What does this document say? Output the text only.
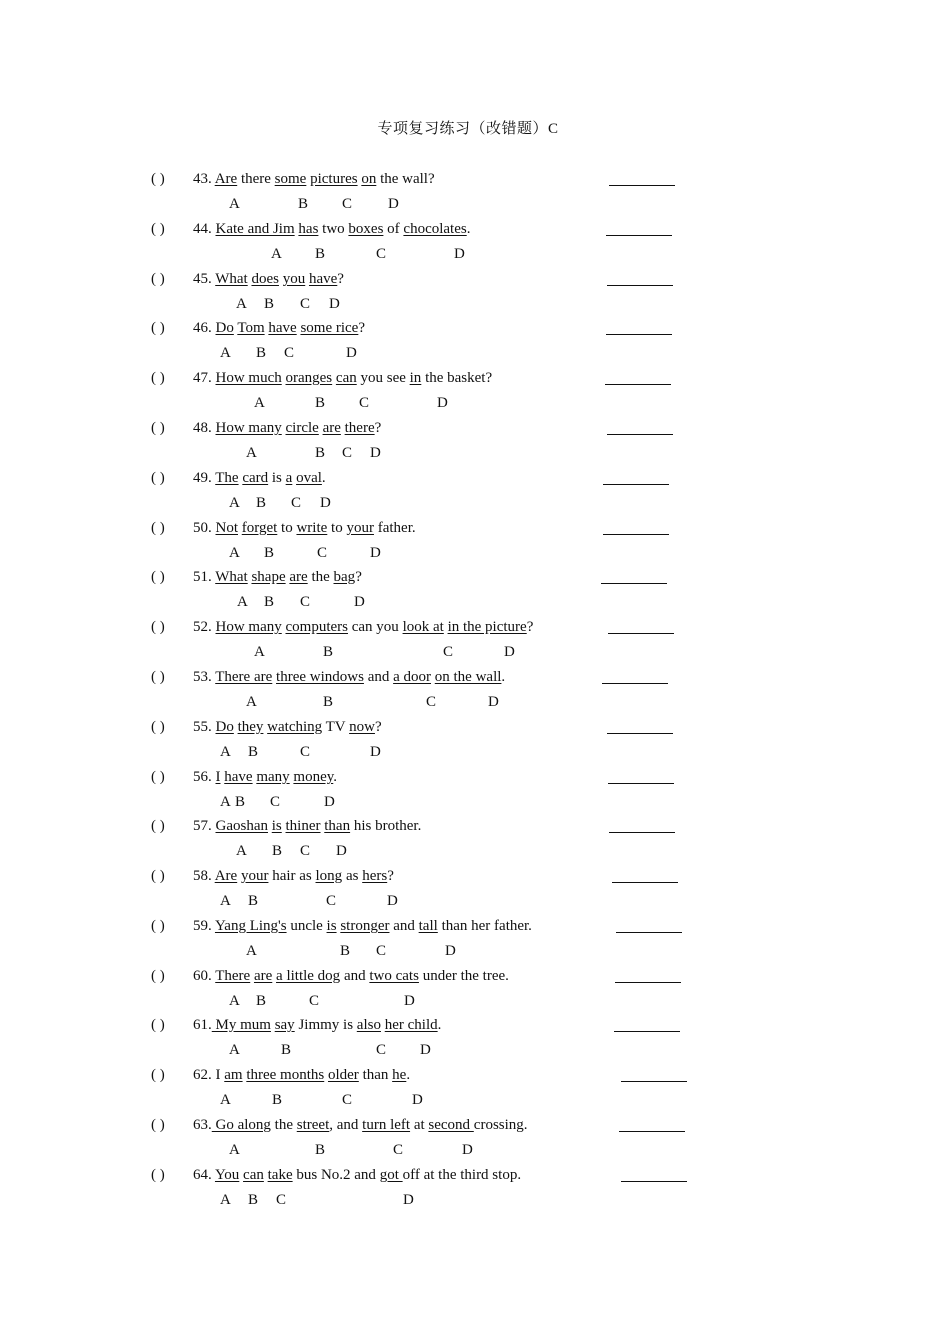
专项复习练习（改错题）C
( ) 43. Are there some pictures on the wall?
A	B C D
( ) 44. Kate and Jim has two boxes of chocolates.
A B	C	D
( ) 45. What does you have?
A B C D
( ) 46. Do Tom have some rice?
A B C	D
( ) 47. How much oranges can you see in the basket?
A	B C	D
( ) 48. How many circle are there?
A	B C D
( ) 49. The card is a oval.
A B C D
( ) 50. Not forget to write to your father.
A B	C	D
( ) 51. What shape are the bag?
A B C	D
( ) 52. How many computers can you look at in the picture?
A	B	C	D
( ) 53. There are three windows and a door on the wall.
A	B	C	D
( ) 55. Do they watching TV now?
A B	C	D
( ) 56. I have many money.
A B C	D
( ) 57. Gaoshan is thiner than his brother.
A B C D
( ) 58. Are your hair as long as hers?
A B	C	D
( ) 59. Yang Ling's uncle is stronger and tall than her father.
A	B C	D
( ) 60. There are a little dog and two cats under the tree.
A B	C	D
( ) 61. My mum say Jimmy is also her child.
A	B	C D
( ) 62. I am three months older than he.
A	B	C	D
( ) 63. Go along the street, and turn left at second crossing.
A	B	C	D
( ) 64. You can take bus No.2 and got off at the third stop.
A B C	D
